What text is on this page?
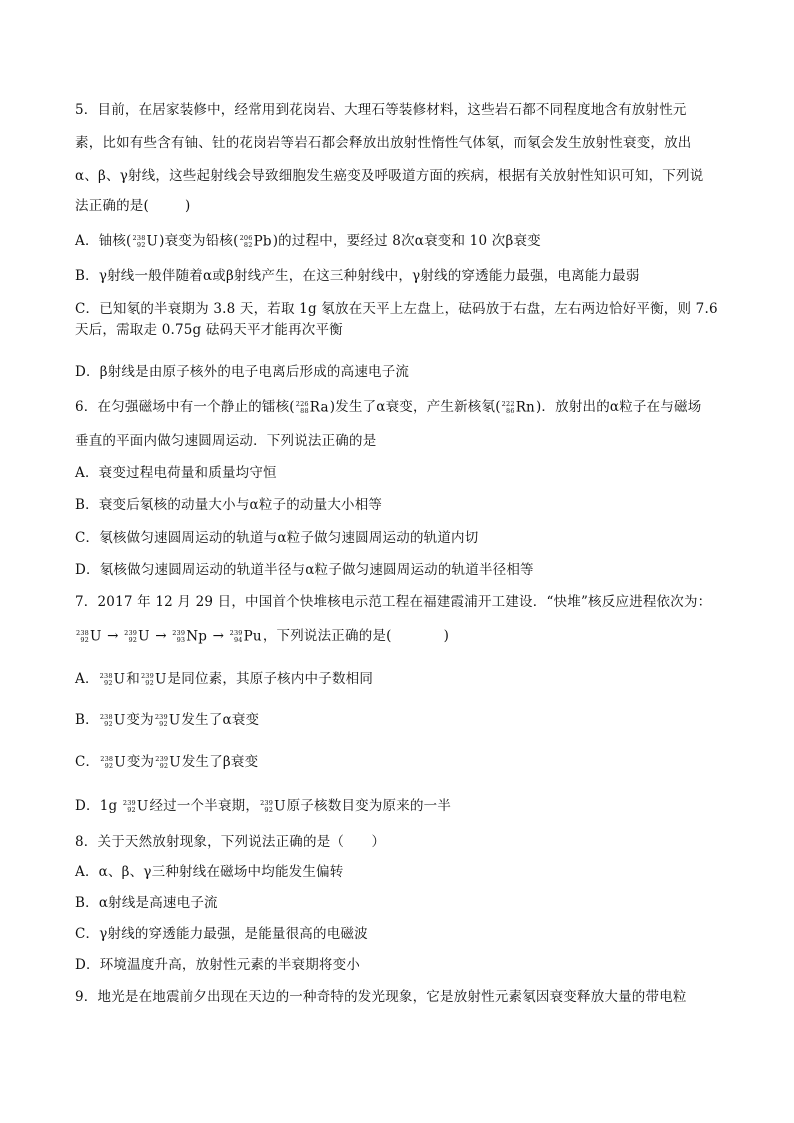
5．目前，在居家装修中，经常用到花岗岩、大理石等装修材料，这些岩石都不同程度地含有放射性元
素，比如有些含有铀、钍的花岗岩等岩石都会释放出放射性惰性气体氡，而氡会发生放射性衰变，放出
α、β、γ射线，这些起射线会导致细胞发生癌变及呼吸道方面的疾病，根据有关放射性知识可知，下列说
法正确的是(	)
A．铀核( 238
92 U)衰变为铅核( 206
82 Pb)的过程中，要经过 8次α衰变和 10 次β衰变
B．γ射线一般伴随着α或β射线产生，在这三种射线中，γ射线的穿透能力最强，电离能力最弱
C．已知氡的半衰期为 3.8 天，若取 1g 氡放在天平上左盘上，砝码放于右盘，左右两边恰好平衡，则 7.6
天后，需取走 0.75g 砝码天平才能再次平衡
D．β射线是由原子核外的电子电离后形成的高速电子流
6．在匀强磁场中有一个静止的镭核( 226
88 Ra)发生了α衰变，产生新核氡( 222
86 Rn)．放射出的α粒子在与磁场
垂直的平面内做匀速圆周运动．下列说法正确的是
A．衰变过程电荷量和质量均守恒
B．衰变后氡核的动量大小与α粒子的动量大小相等
C．氡核做匀速圆周运动的轨道与α粒子做匀速圆周运动的轨道内切
D．氡核做匀速圆周运动的轨道半径与α粒子做匀速圆周运动的轨道半径相等
7．2017 年 12 月 29 日，中国首个快堆核电示范工程在福建霞浦开工建设．“快堆”核反应进程依次为：
238
92 U → 239
92 U → 239
93 Np → 239
94 Pu，下列说法正确的是(	)
A． 238
92 U和 239
92 U是同位素，其原子核内中子数相同
B． 238
92 U变为 239
92 U发生了α衰变
C． 238
92 U变为 239
92 U发生了β衰变
D．1g 239
92 U经过一个半衰期， 239
92 U原子核数目变为原来的一半
8．关于天然放射现象，下列说法正确的是（　　）
A．α、β、γ三种射线在磁场中均能发生偏转
B．α射线是高速电子流
C．γ射线的穿透能力最强，是能量很高的电磁波
D．环境温度升高，放射性元素的半衰期将变小
9．地光是在地震前夕出现在天边的一种奇特的发光现象，它是放射性元素氡因衰变释放大量的带电粒
